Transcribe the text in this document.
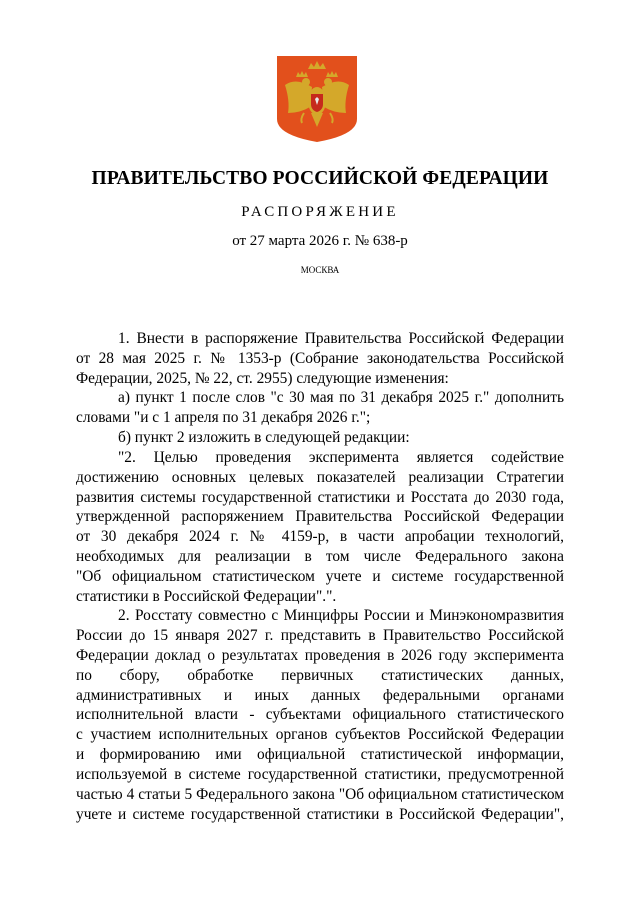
ПРАВИТЕЛЬСТВО РОССИЙСКОЙ ФЕДЕРАЦИИ
РАСПОРЯЖЕНИЕ
от 27 марта 2026 г. № 638-р
МОСКВА
1. Внести в распоряжение Правительства Российской Федерации
от 28 мая 2025 г. № 1353-р (Собрание законодательства Российской
Федерации, 2025, № 22, ст. 2955) следующие изменения:
а) пункт 1 после слов "с 30 мая по 31 декабря 2025 г." дополнить
словами "и с 1 апреля по 31 декабря 2026 г.";
б) пункт 2 изложить в следующей редакции:
"2. Целью проведения эксперимента является содействие
достижению основных целевых показателей реализации Стратегии
развития системы государственной статистики и Росстата до 2030 года,
утвержденной распоряжением Правительства Российской Федерации
от 30 декабря 2024 г. № 4159-р, в части апробации технологий,
необходимых для реализации в том числе Федерального закона
"Об официальном статистическом учете и системе государственной
статистики в Российской Федерации".".
2. Росстату совместно с Минцифры России и Минэкономразвития
России до 15 января 2027 г. представить в Правительство Российской
Федерации доклад о результатах проведения в 2026 году эксперимента
по сбору, обработке первичных статистических данных,
административных и иных данных федеральными органами
исполнительной власти - субъектами официального статистического
с участием исполнительных органов субъектов Российской Федерации
и формированию ими официальной статистической информации,
используемой в системе государственной статистики, предусмотренной
частью 4 статьи 5 Федерального закона "Об официальном статистическом
учете и системе государственной статистики в Российской Федерации",
